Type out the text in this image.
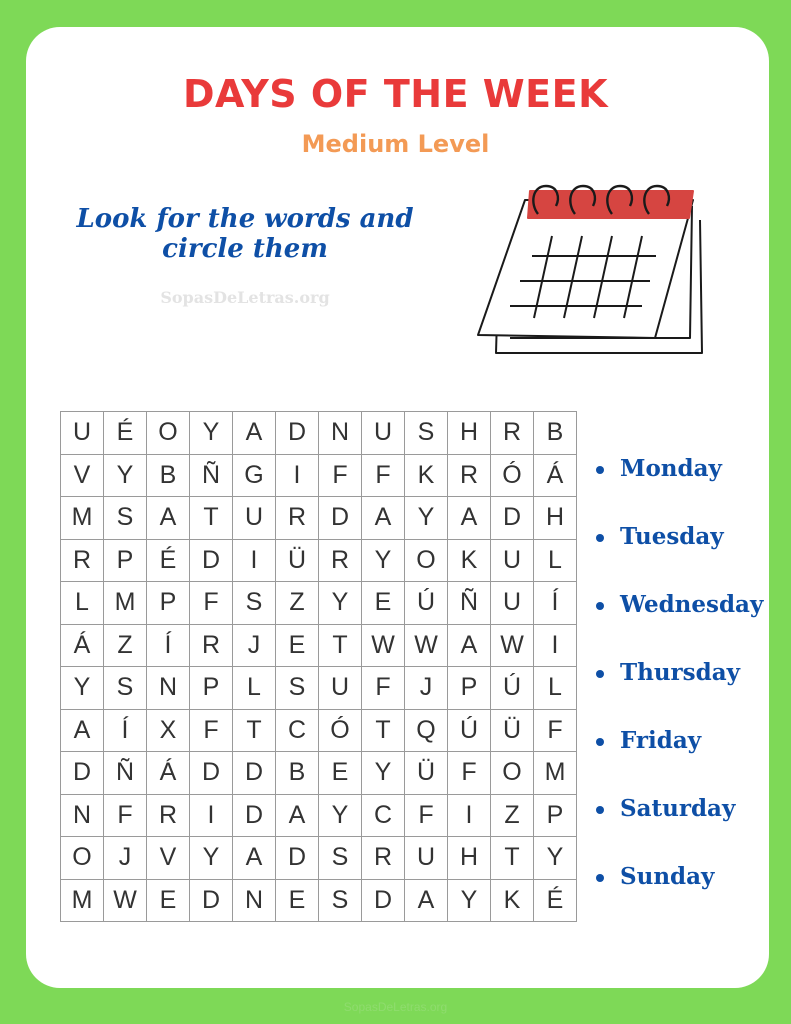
DAYS OF THE WEEK
Medium Level
Look for the words and circle them
SopasDeLetras.org
U	É	O	Y	A	D	N	U	S	H	R	B
V	Y	B	Ñ	G	I	F	F	K	R	Ó	Á
M	S	A	T	U	R	D	A	Y	A	D	H
R	P	É	D	I	Ü	R	Y	O	K	U	L
L	M	P	F	S	Z	Y	E	Ú	Ñ	U	Í
Á	Z	Í	R	J	E	T	W	W	A	W	I
Y	S	N	P	L	S	U	F	J	P	Ú	L
A	Í	X	F	T	C	Ó	T	Q	Ú	Ü	F
D	Ñ	Á	D	D	B	E	Y	Ü	F	O	M
N	F	R	I	D	A	Y	C	F	I	Z	P
O	J	V	Y	A	D	S	R	U	H	T	Y
M	W	E	D	N	E	S	D	A	Y	K	É
Monday
Tuesday
Wednesday
Thursday
Friday
Saturday
Sunday
SopasDeLetras.org
